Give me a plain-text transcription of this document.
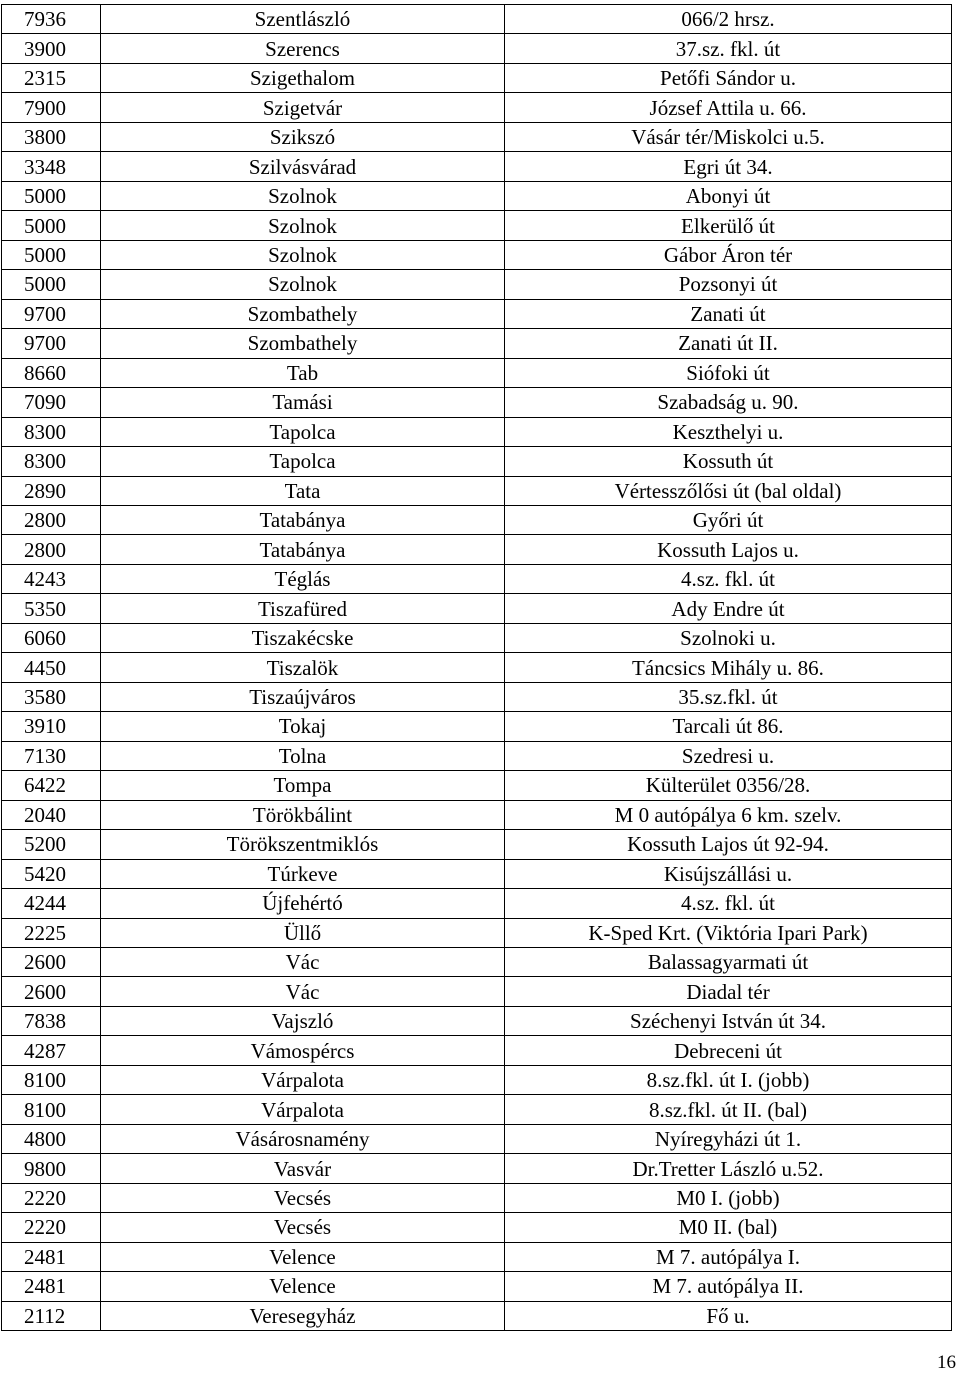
7936	Szentlászló	066/2 hrsz.
3900	Szerencs	37.sz. fkl. út
2315	Szigethalom	Petőfi Sándor u.
7900	Szigetvár	József Attila u. 66.
3800	Szikszó	Vásár tér/Miskolci u.5.
3348	Szilvásvárad	Egri út 34.
5000	Szolnok	Abonyi út
5000	Szolnok	Elkerülő út
5000	Szolnok	Gábor Áron tér
5000	Szolnok	Pozsonyi út
9700	Szombathely	Zanati út
9700	Szombathely	Zanati út II.
8660	Tab	Siófoki út
7090	Tamási	Szabadság u. 90.
8300	Tapolca	Keszthelyi u.
8300	Tapolca	Kossuth út
2890	Tata	Vértesszőlősi út (bal oldal)
2800	Tatabánya	Győri út
2800	Tatabánya	Kossuth Lajos u.
4243	Téglás	4.sz. fkl. út
5350	Tiszafüred	Ady Endre út
6060	Tiszakécske	Szolnoki u.
4450	Tiszalök	Táncsics Mihály u. 86.
3580	Tiszaújváros	35.sz.fkl. út
3910	Tokaj	Tarcali út 86.
7130	Tolna	Szedresi u.
6422	Tompa	Külterület 0356/28.
2040	Törökbálint	M 0 autópálya 6 km. szelv.
5200	Törökszentmiklós	Kossuth Lajos út 92-94.
5420	Túrkeve	Kisújszállási u.
4244	Újfehértó	4.sz. fkl. út
2225	Üllő	K-Sped Krt. (Viktória Ipari Park)
2600	Vác	Balassagyarmati út
2600	Vác	Diadal tér
7838	Vajszló	Széchenyi István út 34.
4287	Vámospércs	Debreceni út
8100	Várpalota	8.sz.fkl. út I. (jobb)
8100	Várpalota	8.sz.fkl. út II. (bal)
4800	Vásárosnamény	Nyíregyházi út 1.
9800	Vasvár	Dr.Tretter László u.52.
2220	Vecsés	M0 I. (jobb)
2220	Vecsés	M0 II. (bal)
2481	Velence	M 7. autópálya I.
2481	Velence	M 7. autópálya II.
2112	Veresegyház	Fő u.
16
